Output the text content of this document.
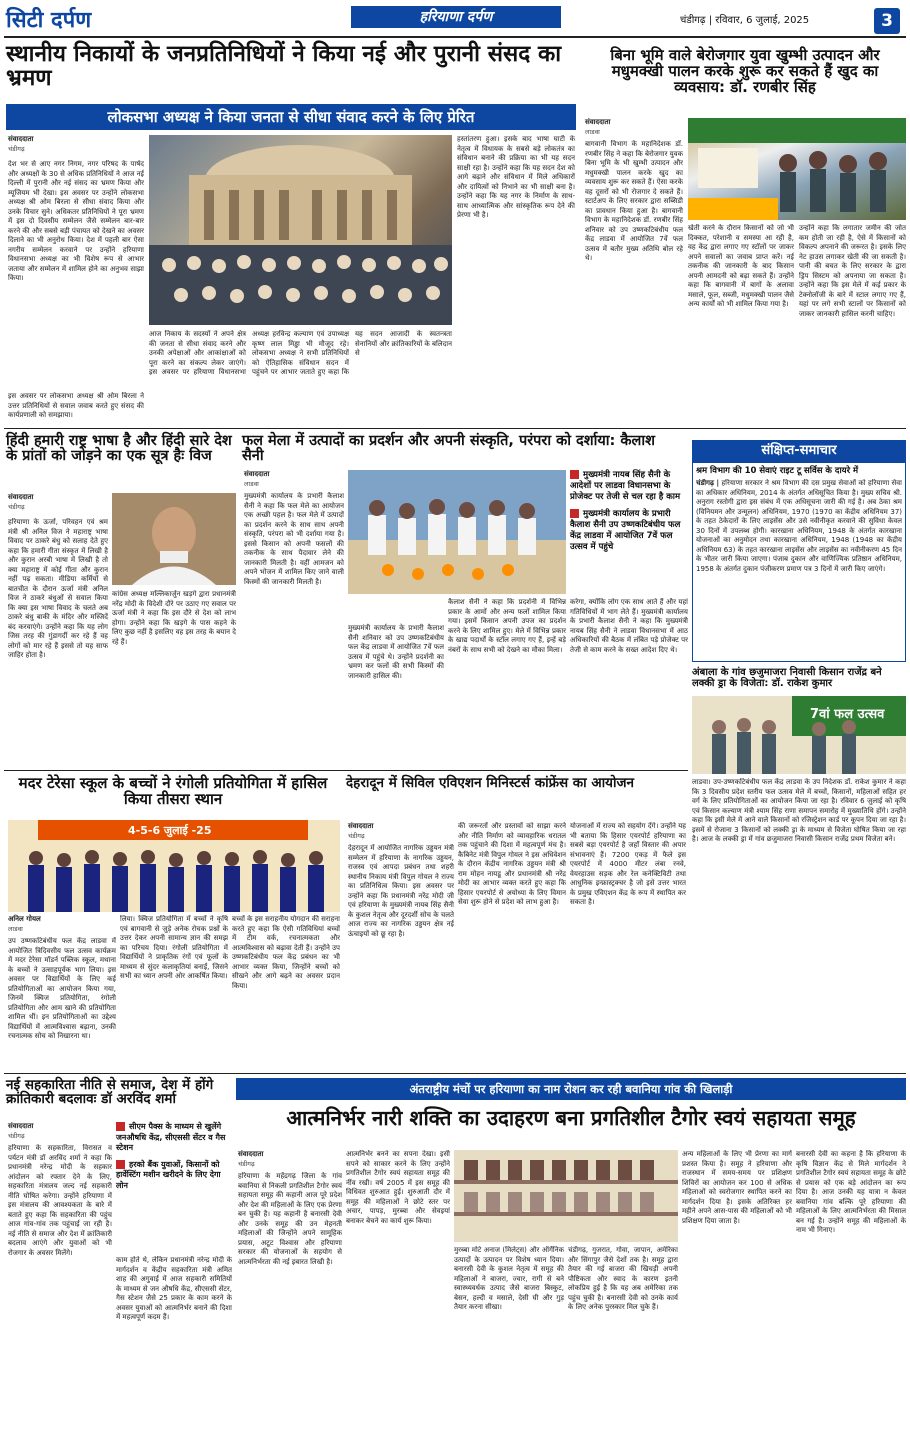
सिटी दर्पण	हरियाणा दर्पण	चंडीगढ़ | रविवार, 6 जुलाई, 2025	3
स्थानीय निकायों के जनप्रतिनिधियों ने किया नई और पुरानी संसद का भ्रमण
लोकसभा अध्यक्ष ने किया जनता से सीधा संवाद करने के लिए प्रेरित
संवाददाता
चंडीगढ़
देश भर से आए नगर निगम, नगर परिषद के पार्षद और अध्यक्षों के 30 से अधिक प्रतिनिधियों ने आज नई दिल्ली में पुरानी और नई संसद का भ्रमण किया और म्यूजियम भी देखा। इस अवसर पर उन्होंने लोकसभा अध्यक्ष श्री ओम बिरला से सीधा संवाद किया और उनके विचार सुने। अधिकतर प्रतिनिधियों ने पूरा भ्रमण में इस दो दिवसीय सम्मेलन जैसे सम्मेलन बार-बार करने की और सबसे बड़ी पंचायत को देखने का अवसर दिलाने का भी अनुरोध किया। देश में पहली बार ऐसा नगरीय सम्मेलन करवाने पर उन्होंने हरियाणा विधानसभा अध्यक्ष का भी विशेष रूप से आभार जताया और सम्मेलन में शामिल होने का अनुभव साझा किया।
इस अवसर पर लोकसभा अध्यक्ष श्री ओम बिरला ने उत्तर प्रतिनिधियों से सवाल जवाब करते हुए संसद की कार्यप्रणाली को समझाया।
आज निकाय के सदस्यों ने अपने क्षेत्र की जनता से सीधा संवाद करने और उनकी अपेक्षाओं और आकांक्षाओं को पूरा करने का संकल्प लेकर जाएंगे। इस अवसर पर हरियाणा विधानसभा अध्यक्ष हरविन्द्र कल्याण एवं उपाध्यक्ष कृष्ण लाल मिड्ढा भी मौजूद रहे। लोकसभा अध्यक्ष ने सभी प्रतिनिधियों को ऐतिहासिक संविधान सदन में पहुंचने पर आभार जताते हुए कहा कि यह सदन आजादी के स्वतन्त्रता सेनानियों और क्रांतिकारियों के बलिदान से
हस्तांतरण हुआ। इसके बाद भाषा घाटी के नेतृत्व में विधायक के सबसे बड़े लोकतंत्र का संविधान बनाने की प्रक्रिया का भी यह सदन साक्षी रहा है। उन्होंने कहा कि यह सदन देश को आगे बढ़ाने और संविधान में मिले अधिकारों और दायित्वों को निभाने का भी साक्षी बना है। उन्होंने कहा कि यह नगर के निर्माण के साथ-साथ आध्यात्मिक और सांस्कृतिक रूप देने की प्रेरणा भी है।
बिना भूमि वाले बेरोजगार युवा खुम्भी उत्पादन और मधुमक्खी पालन करके शुरू कर सकते हैं खुद का व्यवसाय: डॉ. रणबीर सिंह
संवाददाता
लाडवा
बागवानी विभाग के महानिदेशक डॉ. रणबीर सिंह ने कहा कि बेरोजगार युवक बिना भूमि के भी खुम्भी उत्पादन और मधुमक्खी पालन करके खुद का व्यवसाय शुरू कर सकते हैं। ऐसा करके वह दूसरों को भी रोजगार दे सकते हैं। स्टार्टअप के लिए सरकार द्वारा सब्सिडी का प्रावधान किया हुआ है। बागवानी विभाग के महानिदेशक डॉ. रणबीर सिंह शनिवार को उप उष्णकटिबंधीय फल केंद्र लाडवा में आयोजित 7वें फल उत्सव में बतौर मुख्य अतिथि बोल रहे थे।
खेती करने के दौरान किसानों को जो भी दिक्कत, परेशानी व समस्या आ रही है, वह केंद्र द्वारा लगाए गए स्टॉलों पर जाकर अपने सवालों का जवाब प्राप्त करें। नई तकनीक की जानकारी के बाद किसान अपनी आमदनी को बढ़ा सकते हैं। उन्होंने कहा कि बागवानी में बागों के अलावा मसाले, फूल, सब्जी, मधुमक्खी पालन जैसे अन्य कार्यों को भी शामिल किया गया है।
उन्होंने कहा कि लगातार जमीन की जोत कम होती जा रही है, ऐसे में किसानों को विकल्प अपनाने की जरूरत है। इसके लिए नेट हाउस लगाकर खेती की जा सकती है। पानी की बचत के लिए सरकार के द्वारा ड्रिप सिस्टम को अपनाया जा सकता है। उन्होंने कहा कि इस मेले में कई प्रकार के टेक्नोलॉजी के बारे में स्टाल लगाए गए हैं, यहां पर लगे सभी स्टालों पर किसानों को जाकर जानकारी हासिल करनी चाहिए।
हिंदी हमारी राष्ट्र भाषा है और हिंदी सारे देश के प्रांतों को जोड़ने का एक सूत्र हैः विज
संवाददाता
चंडीगढ़
हरियाणा के ऊर्जा, परिवहन एवं श्रम मंत्री श्री अनिल विज ने महाराष्ट्र भाषा विवाद पर ठाकरे बंधु को सलाह देते हुए कहा कि हमारी गीता संस्कृत में लिखी है और कुरान अरबी भाषा में लिखी है तो क्या महाराष्ट्र में कोई गीता और कुरान नहीं पढ़ सकता। मीडिया कर्मियों से बातचीत के दौरान ऊर्जा मंत्री अनिल विज ने ठाकरे बंधुओं से सवाल किया कि क्या इस भाषा विवाद के चलते अब ठाकरे बंधु बाकी के मंदिर और मस्जिदें बंद करवाएंगे। उन्होंने कहा कि यह लोग जिस तरह की गुंडागर्दी कर रहे हैं वह लोगों को मार रहे हैं इससे तो यह साफ जाहिर होता है।
कांग्रेस अध्यक्ष मल्लिकार्जुन खड़गे द्वारा प्रधानमंत्री नरेंद्र मोदी के विदेशी दौरे पर उठाए गए सवाल पर ऊर्जा मंत्री ने कहा कि इस दौरे से देश को लाभ होगा। उन्होंने कहा कि खड़गे के पास कहने के लिए कुछ नहीं है इसलिए वह इस तरह के बयान दे रहे हैं।
फल मेला में उत्पादों का प्रदर्शन और अपनी संस्कृति, परंपरा को दर्शाया: कैलाश सैनी
संवाददाता
लाडवा
मुख्यमंत्री कार्यालय के प्रभारी कैलाश सैनी ने कहा कि फल मेले का आयोजन एक अच्छी पहल है। फल मेले में उत्पादों का प्रदर्शन करने के साथ साथ अपनी संस्कृति, परंपरा को भी दर्शाया गया है। इससे किसान को अपनी फसलों की तकनीक के साथ पैदावार लेने की जानकारी मिलती है। वहीं आमजन को अपने भोजन में शामिल किए जाने वाली किस्मों की जानकारी मिलती है।
मुख्यमंत्री कार्यालय के प्रभारी कैलाश सैनी शनिवार को उप उष्णकटिबंधीय फल केंद्र लाडवा में आयोजित 7वें फल उत्सव में पहुंचे थे। उन्होंने प्रदर्शनी का भ्रमण कर फलों की सभी किस्मों की जानकारी हासिल की।
कैलाश सैनी ने कहा कि प्रदर्शनी में विभिन्न प्रकार के आमों और अन्य फलों शामिल किया गया। इसमें किसान अपनी उपज का प्रदर्शन करने के लिए शामिल हुए। मेले में विभिन्न प्रकार के खाद्य पदार्थों के स्टॉल लगाए गए हैं, इन्हें बड़े नंबरों के साथ सभी को देखने का मौका मिला।
करेगा, क्योंकि लोग एक साथ आते हैं और यहां गतिविधियों में भाग लेते हैं। मुख्यमंत्री कार्यालय के प्रभारी कैलाश सैनी ने कहा कि मुख्यमंत्री नायब सिंह सैनी ने लाडवा विधानसभा में आठ अधिकारियों की बैठक में लंबित पड़े प्रोजेक्ट पर तेजी से काम करने के सख्त आदेश दिए थे।
मुख्यमंत्री नायब सिंह सैनी के आदेशों पर लाडवा विधानसभा के प्रोजेक्ट पर तेजी से चल रहा है काम
मुख्यमंत्री कार्यालय के प्रभारी कैलाश सैनी उप उष्णकटिबंधीय फल केंद्र लाडवा में आयोजित 7वें फल उत्सव में पहुंचे
संक्षिप्त-समाचार
श्रम विभाग की 10 सेवाएं राइट टू सर्विस के दायरे में
चंडीगढ़ | हरियाणा सरकार ने श्रम विभाग की दस प्रमुख सेवाओं को हरियाणा सेवा का अधिकार अधिनियम, 2014 के अंतर्गत अधिसूचित किया है। मुख्य सचिव श्री. अनुराग रस्तोगी द्वारा इस संबंध में एक अधिसूचना जारी की गई है। अब ठेका श्रम (विनियमन और उन्मूलन) अधिनियम, 1970 (1970 का केंद्रीय अधिनियम 37) के तहत ठेकेदारों के लिए लाइसेंस और उसे नवीनीकृत करवाने की सुविधा केवल 30 दिनों में उपलब्ध होगी। कारखाना अधिनियम, 1948 के अंतर्गत कारखाना योजनाओं का अनुमोदन तथा कारखाना अधिनियम, 1948 (1948 का केंद्रीय अधिनियम 63) के तहत कारखाना लाइसेंस और लाइसेंस का नवीनीकरण 45 दिन के भीतर जारी किया जाएगा। पंजाब दुकान और वाणिज्यिक प्रतिष्ठान अधिनियम, 1958 के अंतर्गत दुकान पंजीकरण प्रमाण पत्र 3 दिनों में जारी किए जाएंगे।
अंबाला के गांव छजुमाजरा निवासी किसान राजेंद्र बने लक्की ड्रा के विजेता: डॉ. राकेश कुमार
7वां फल उत्सव
लाडवा। उप-उष्णकटिबंधीय फल केंद्र लाडवा के उप निदेशक डॉ. राकेश कुमार ने कहा कि 3 दिवसीय प्रदेश स्तरीय फल उत्सव मेले में बच्चों, किसानों, महिलाओं सहित हर वर्ग के लिए प्रतियोगिताओं का आयोजन किया जा रहा है। रविवार 6 जुलाई को कृषि एवं किसान कल्याण मंत्री श्याम सिंह राणा समापन समारोह में मुख्यातिथि होंगे। उन्होंने कहा कि इसी मेले में आने वाले किसानों को रजिस्ट्रेशन कार्ड पर कूपन दिया जा रहा है। इसमें से रोजाना 3 किसानों को लक्की ड्रा के माध्यम से विजेता घोषित किया जा रहा है। आज के लक्की ड्रा में गांव छजुमाजरा निवासी किसान राजेंद्र प्रथम विजेता बने।
मदर टेरेसा स्कूल के बच्चों ने रंगोली प्रतियोगिता में हासिल किया तीसरा स्थान
4-5-6 जुलाई -25
अनिल गोयल
लाडवा
उप उष्णकटिबंधीय फल केंद्र लाडवा में आयोजित त्रिदिवसीय फल उत्सव कार्यक्रम में मदर टेरेसा मॉडर्न पब्लिक स्कूल, मथाना के बच्चों ने उत्साहपूर्वक भाग लिया। इस अवसर पर विद्यार्थियों के लिए कई प्रतियोगिताओं का आयोजन किया गया, जिनमें क्विज प्रतियोगिता, रंगोली प्रतियोगिता और आम खाने की प्रतियोगिता शामिल थीं। इन प्रतियोगिताओं का उद्देश्य विद्यार्थियों में आत्मविश्वास बढ़ाना, उनकी रचनात्मक सोच को निखारना था।
लिया। क्विज प्रतियोगिता में बच्चों ने कृषि एवं बागवानी से जुड़े अनेक रोचक प्रश्नों के उत्तर देकर अपनी सामान्य ज्ञान की समझ का परिचय दिया। रंगोली प्रतियोगिता में विद्यार्थियों ने प्राकृतिक रंगों एवं फूलों के माध्यम से सुंदर कलाकृतियां बनाईं, जिसने सभी का ध्यान अपनी ओर आकर्षित किया।
बच्चों के इस सराहनीय योगदान की सराहना करते हुए कहा कि ऐसी गतिविधियां बच्चों में टीम वर्क, रचनात्मकता और आत्मविश्वास को बढ़ावा देती हैं। उन्होंने उप उष्णकटिबंधीय फल केंद्र प्रबंधन का भी आभार व्यक्त किया, जिन्होंने बच्चों को सीखने और आगे बढ़ने का अवसर प्रदान किया।
देहरादून में सिविल एविएशन मिनिस्टर्स कांफ्रेंस का आयोजन
संवाददाता
चंडीगढ़
देहरादून में आयोजित नागरिक उड्डयन मंत्री सम्मेलन में हरियाणा के नागरिक उड्डयन, राजस्व एवं आपदा प्रबंधन तथा शहरी स्थानीय निकाय मंत्री विपुल गोयल ने राज्य का प्रतिनिधित्व किया। इस अवसर पर उन्होंने कहा कि प्रधानमंत्री नरेंद्र मोदी जी एवं हरियाणा के मुख्यमंत्री नायब सिंह सैनी के कुशल नेतृत्व और दूरदर्शी सोच के चलते आज राज्य का नागरिक उड्डयन क्षेत्र नई ऊंचाइयों को छू रहा है।
की जरूरतों और प्रस्तावों को साझा करने और नीति निर्माण को व्यावहारिक धरातल तक पहुंचाने की दिशा में महत्वपूर्ण मंच है। कैबिनेट मंत्री विपुल गोयल ने इस अधिवेशन के दौरान केंद्रीय नागरिक उड्डयन मंत्री श्री राम मोहन नायडू और प्रधानमंत्री श्री नरेंद्र मोदी का आभार व्यक्त करते हुए कहा कि हिसार एयरपोर्ट से अयोध्या के लिए विमान सेवा शुरू होने से प्रदेश को लाभ हुआ है।
योजनाओं में राज्य को सहयोग देंगे। उन्होंने यह भी बताया कि हिसार एयरपोर्ट हरियाणा का सबसे बड़ा एयरपोर्ट है जहाँ विस्तार की अपार संभावनाएं हैं। 7200 एकड़ में फैले इस एयरपोर्ट में 4000 मीटर लंबा रनवे, वेयरहाउस सड़क और रेल कनेक्टिविटी तथा आधुनिक इन्फ्रास्ट्रक्चर है जो इसे उत्तर भारत के प्रमुख एविएशन केंद्र के रूप में स्थापित कर सकता है।
नई सहकारिता नीति से समाज, देश में होंगे क्रांतिकारी बदलावः डॉ अरविंद शर्मा
संवाददाता
चंडीगढ़
हरियाणा के सहकारिता, विरासत व पर्यटन मंत्री डॉ अरविंद शर्मा ने कहा कि प्रधानमंत्री नरेन्द्र मोदी के सहकार आंदोलन को रफ्तार देने के लिए, सहकारिता मंत्रालय जल्द नई सहकारी नीति घोषित करेगा। उन्होंने हरियाणा में इस मंत्रालय की आवश्यकता के बारे में बताते हुए कहा कि सहकारिता की पहुंच आज गांव-गांव तक पहुंचाई जा रही है। नई नीति से समाज और देश में क्रांतिकारी बदलाव आएंगे और युवाओं को भी रोजगार के अवसर मिलेंगे।
सीएम पैक्स के माध्यम से खुलेंगे जनऔषधि केंद्र, सीएससी सेंटर व गैस स्टेशन
हरको बैंक युवाओं, किसानों को हार्वेस्टिंग मशीन खरीदने के लिए देगा लोन
काम होते थे, लेकिन प्रधानमंत्री नरेन्द्र मोदी के मार्गदर्शन व केंद्रीय सहकारिता मंत्री अमित शाह की अगुवाई में आज सहकारी समितियों के माध्यम से जन औषधि केंद्र, सीएससी सेंटर, गैस स्टेशन जैसे 25 प्रकार के काम करने के अवसर युवाओं को आत्मनिर्भर बनाने की दिशा में महत्वपूर्ण कदम हैं।
अंतराष्ट्रीय मंचों पर हरियाणा का नाम रोशन कर रही बवानिया गांव की खिलाड़ी
आत्मनिर्भर नारी शक्ति का उदाहरण बना प्रगतिशील टैगोर स्वयं सहायता समूह
संवाददाता
चंडीगढ़
हरियाणा के महेंद्रगढ़ जिला के गांव बवानिया से निकली प्रगतिशील टैगोर स्वयं सहायता समूह की कहानी आज पूरे प्रदेश और देश की महिलाओं के लिए एक प्रेरणा बन चुकी है। यह कहानी है बनारसी देवी और उनके समूह की उन मेहनती महिलाओं की जिन्होंने अपने सामूहिक प्रयास, अटूट विश्वास और हरियाणा सरकार की योजनाओं के सहयोग से आत्मनिर्भरता की नई इबारत लिखी है।
आत्मनिर्भर बनने का सपना देखा। इसी सपने को साकार करने के लिए उन्होंने प्रगतिशील टैगोर स्वयं सहायता समूह की नींव रखी। वर्ष 2005 में इस समूह की विधिवत शुरुआत हुई। शुरुआती दौर में समूह की महिलाओं ने छोटे स्तर पर अचार, पापड़, मुरब्बा और सेवइयां बनाकर बेचने का कार्य शुरू किया।
मुरब्बा मोटे अनाज (मिलेट्स) और ऑर्गेनिक उत्पादों के उत्पादन पर विशेष ध्यान दिया। बनारसी देवी के कुशल नेतृत्व में समूह की महिलाओं ने बाजरा, ज्वार, रागी से बने स्वास्थ्यवर्धक उत्पाद जैसे बाजरा बिस्कुट, बेसन, हल्दी व मसाले, देसी घी और गुड़ तैयार करना सीखा।
चंडीगढ़, गुजरात, गोवा, जापान, अमेरिका और सिंगापुर जैसे देशों तक है। समूह द्वारा तैयार की गई बाजरा की खिचड़ी अपनी पौष्टिकता और स्वाद के कारण इतनी लोकप्रिय हुई है कि यह अब अमेरिका तक पहुंच चुकी है। बनारसी देवी को उनके कार्य के लिए अनेक पुरस्कार मिल चुके हैं।
अन्य महिलाओं के लिए भी प्रेरणा का मार्ग प्रशस्त किया है। समूह ने हरियाणा और राजस्थान में समय-समय पर प्रशिक्षण शिविरों का आयोजन कर 100 से अधिक महिलाओं को स्वरोजगार स्थापित करने का मार्गदर्शन दिया है। इसके अतिरिक्त हर महीने अपने आस-पास की महिलाओं को भी प्रशिक्षण दिया जाता है।
बनारसी देवी का कहना है कि हरियाणा के कृषि विज्ञान केंद्र से मिले मार्गदर्शन ने प्रगतिशील टैगोर स्वयं सहायता समूह के छोटे से प्रयास को एक बड़े आंदोलन का रूप दिया है। आज उनकी यह यात्रा न केवल बवानिया गांव बल्कि पूरे हरियाणा की महिलाओं के लिए आत्मनिर्भरता की मिसाल बन गई है। उन्होंने समूह की महिलाओं के नाम भी गिनाए।
